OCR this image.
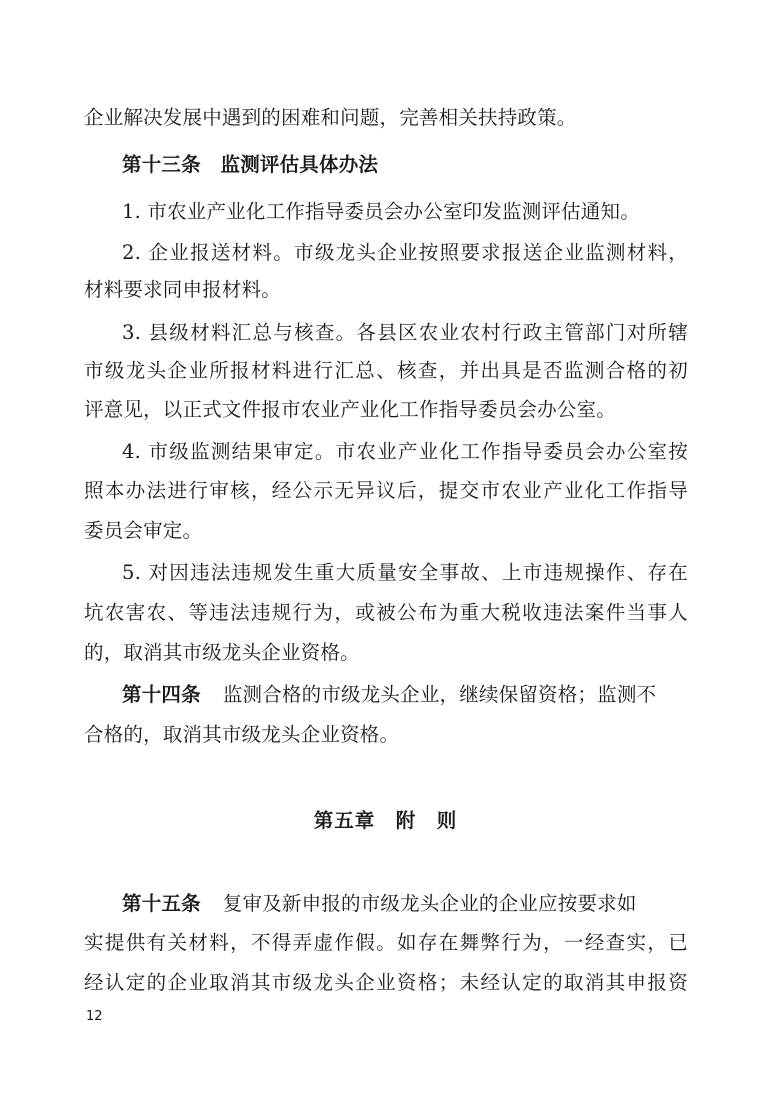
企业解决发展中遇到的困难和问题，完善相关扶持政策。
第十三条　监测评估具体办法
1. 市农业产业化工作指导委员会办公室印发监测评估通知。
2. 企业报送材料。市级龙头企业按照要求报送企业监测材料，
材料要求同申报材料。
3. 县级材料汇总与核查。各县区农业农村行政主管部门对所辖
市级龙头企业所报材料进行汇总、核查，并出具是否监测合格的初
评意见，以正式文件报市农业产业化工作指导委员会办公室。
4. 市级监测结果审定。市农业产业化工作指导委员会办公室按
照本办法进行审核，经公示无异议后，提交市农业产业化工作指导
委员会审定。
5. 对因违法违规发生重大质量安全事故、上市违规操作、存在
坑农害农、等违法违规行为，或被公布为重大税收违法案件当事人
的，取消其市级龙头企业资格。
第十四条 监测合格的市级龙头企业，继续保留资格；监测不
合格的，取消其市级龙头企业资格。
第五章　附　则
第十五条 复审及新申报的市级龙头企业的企业应按要求如
实提供有关材料，不得弄虚作假。如存在舞弊行为，一经查实，已
经认定的企业取消其市级龙头企业资格；未经认定的取消其申报资
12
